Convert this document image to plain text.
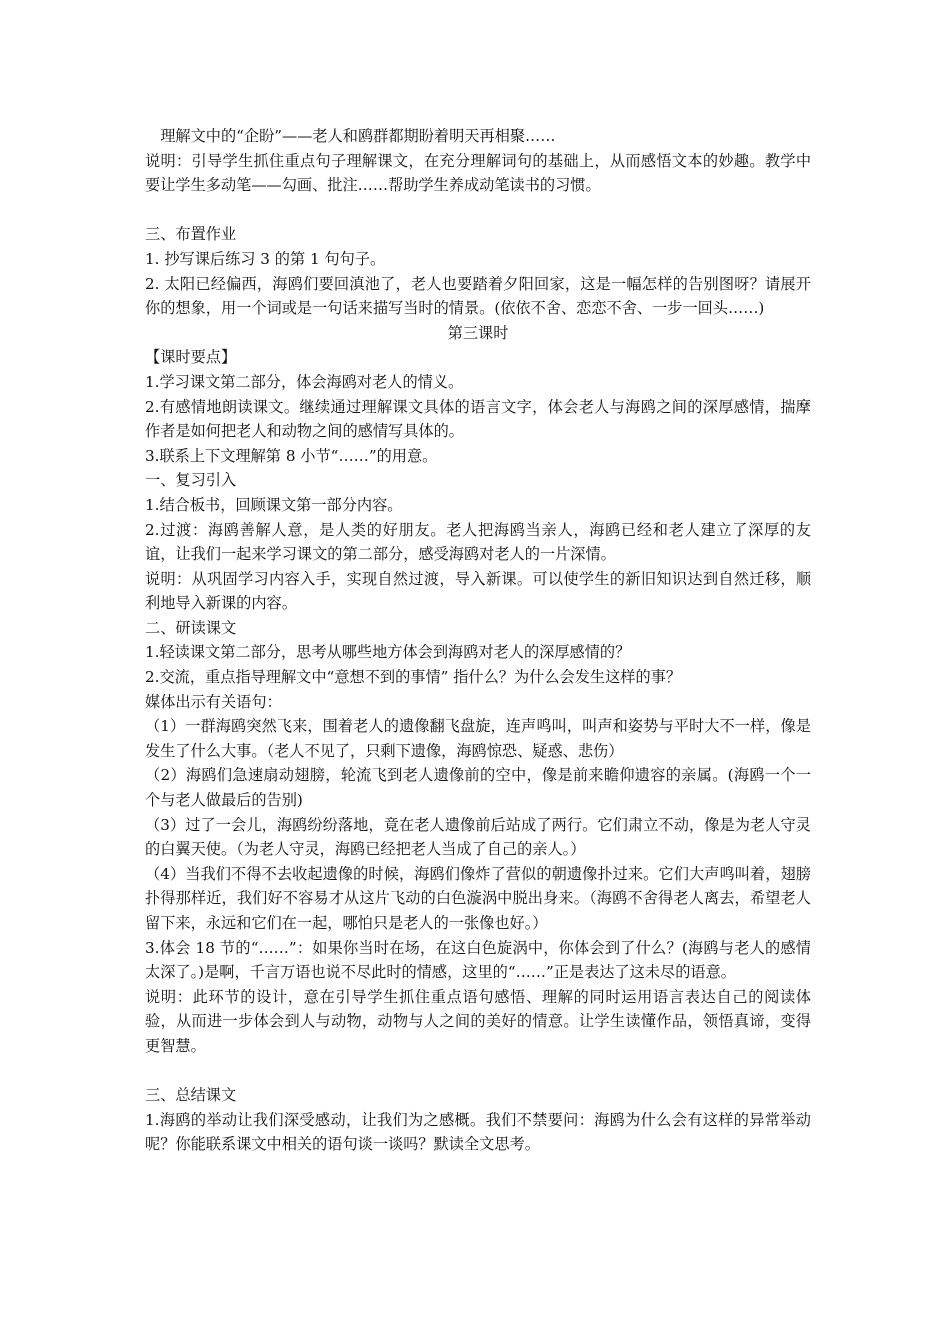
理解文中的“企盼”——老人和鸥群都期盼着明天再相聚……

说明：引导学生抓住重点句子理解课文，在充分理解词句的基础上，从而感悟文本的妙趣。教学中要让学生多动笔——勾画、批注……帮助学生养成动笔读书的习惯。

三、布置作业

1. 抄写课后练习 3 的第 1 句句子。

2. 太阳已经偏西，海鸥们要回滇池了，老人也要踏着夕阳回家，这是一幅怎样的告别图呀？请展开你的想象，用一个词或是一句话来描写当时的情景。(依依不舍、恋恋不舍、一步一回头……)

第三课时

【课时要点】

1.学习课文第二部分，体会海鸥对老人的情义。

2.有感情地朗读课文。继续通过理解课文具体的语言文字，体会老人与海鸥之间的深厚感情，揣摩作者是如何把老人和动物之间的感情写具体的。

3.联系上下文理解第 8 小节“……”的用意。

一、复习引入

1.结合板书，回顾课文第一部分内容。

2.过渡：海鸥善解人意，是人类的好朋友。老人把海鸥当亲人，海鸥已经和老人建立了深厚的友谊，让我们一起来学习课文的第二部分，感受海鸥对老人的一片深情。

说明：从巩固学习内容入手，实现自然过渡，导入新课。可以使学生的新旧知识达到自然迁移，顺利地导入新课的内容。

二、研读课文

1.轻读课文第二部分，思考从哪些地方体会到海鸥对老人的深厚感情的？

2.交流，重点指导理解文中“意想不到的事情” 指什么？为什么会发生这样的事？

媒体出示有关语句：

（1）一群海鸥突然飞来，围着老人的遗像翻飞盘旋，连声鸣叫，叫声和姿势与平时大不一样，像是发生了什么大事。（老人不见了，只剩下遗像，海鸥惊恐、疑惑、悲伤）

（2）海鸥们急速扇动翅膀，轮流飞到老人遗像前的空中，像是前来瞻仰遗容的亲属。(海鸥一个一个与老人做最后的告别)

（3）过了一会儿，海鸥纷纷落地，竟在老人遗像前后站成了两行。它们肃立不动，像是为老人守灵的白翼天使。（为老人守灵，海鸥已经把老人当成了自己的亲人。）

（4）当我们不得不去收起遗像的时候，海鸥们像炸了营似的朝遗像扑过来。它们大声鸣叫着，翅膀扑得那样近，我们好不容易才从这片飞动的白色漩涡中脱出身来。（海鸥不舍得老人离去，希望老人留下来，永远和它们在一起，哪怕只是老人的一张像也好。）

3.体会 18 节的“……”：如果你当时在场，在这白色旋涡中，你体会到了什么？(海鸥与老人的感情太深了。)是啊，千言万语也说不尽此时的情感，这里的“……”正是表达了这未尽的语意。

说明：此环节的设计，意在引导学生抓住重点语句感悟、理解的同时运用语言表达自己的阅读体验，从而进一步体会到人与动物，动物与人之间的美好的情意。让学生读懂作品，领悟真谛，变得更智慧。

三、总结课文

1.海鸥的举动让我们深受感动，让我们为之感概。我们不禁要问：海鸥为什么会有这样的异常举动呢？你能联系课文中相关的语句谈一谈吗？默读全文思考。
